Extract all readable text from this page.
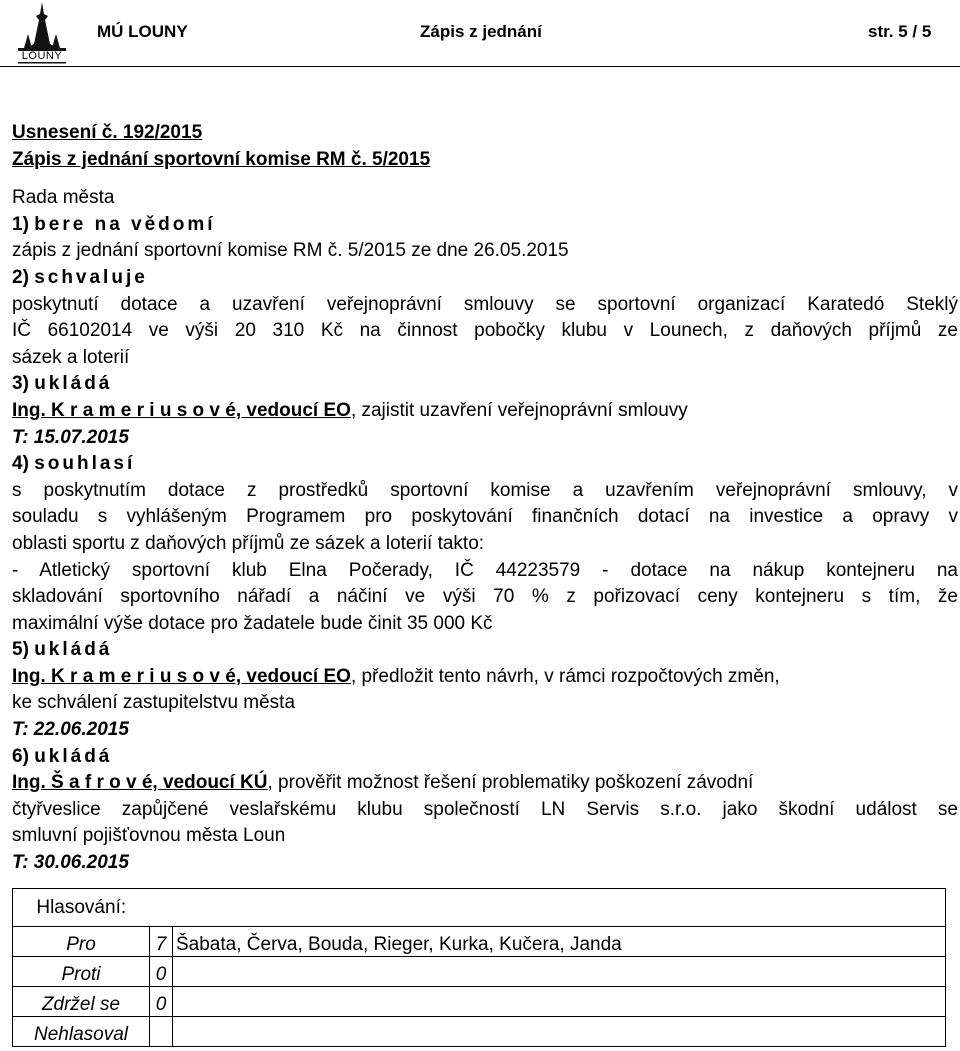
LOUNY
MÚ LOUNY	Zápis z jednání	str. 5 / 5
Usnesení č. 192/2015
Zápis z jednání sportovní komise RM č. 5/2015
Rada města
1) bere na vědomí
zápis z jednání sportovní komise RM č. 5/2015 ze dne 26.05.2015
2) schvaluje
poskytnutí dotace a uzavření veřejnoprávní smlouvy se sportovní organizací Karatedó Steklý
IČ 66102014 ve výši 20 310 Kč na činnost pobočky klubu v Lounech, z daňových příjmů ze
sázek a loterií
3) ukládá
Ing. K r a m e r i u s o v é, vedoucí EO, zajistit uzavření veřejnoprávní smlouvy
T: 15.07.2015
4) souhlasí
s poskytnutím dotace z prostředků sportovní komise a uzavřením veřejnoprávní smlouvy, v
souladu s vyhlášeným Programem pro poskytování finančních dotací na investice a opravy v
oblasti sportu z daňových příjmů ze sázek a loterií takto:
- Atletický sportovní klub Elna Počerady, IČ 44223579 - dotace na nákup kontejneru na
skladování sportovního nářadí a náčiní ve výši 70 % z pořizovací ceny kontejneru s tím, že
maximální výše dotace pro žadatele bude činit 35 000 Kč
5) ukládá
Ing. K r a m e r i u s o v é, vedoucí EO, předložit tento návrh, v rámci rozpočtových změn,
ke schválení zastupitelstvu města
T: 22.06.2015
6) ukládá
Ing. Š a f r o v é, vedoucí KÚ, prověřit možnost řešení problematiky poškození závodní
čtyřveslice zapůjčené veslařskému klubu společností LN Servis s.r.o. jako škodní událost se
smluvní pojišťovnou města Loun
T: 30.06.2015
Hlasování:		
Pro	7	Šabata, Červa, Bouda, Rieger, Kurka, Kučera, Janda
Proti	0	
Zdržel se	0	
Nehlasoval		
